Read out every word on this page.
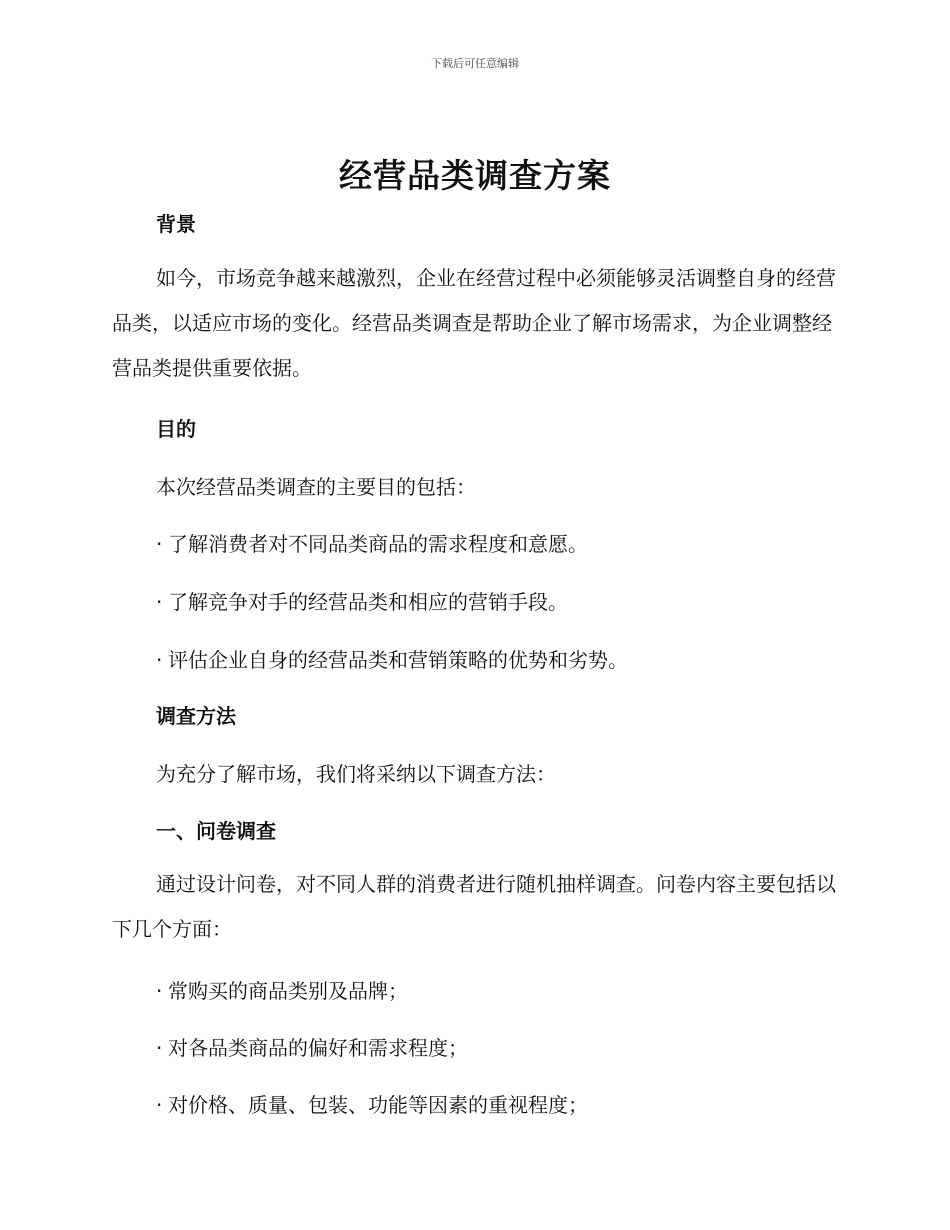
下载后可任意编辑
经营品类调查方案
背景

如今，市场竞争越来越激烈，企业在经营过程中必须能够灵活调整自身的经营品类，以适应市场的变化。经营品类调查是帮助企业了解市场需求，为企业调整经营品类提供重要依据。

目的

本次经营品类调查的主要目的包括：

· 了解消费者对不同品类商品的需求程度和意愿。

· 了解竞争对手的经营品类和相应的营销手段。

· 评估企业自身的经营品类和营销策略的优势和劣势。

调查方法

为充分了解市场，我们将采纳以下调查方法：

一、问卷调查

通过设计问卷，对不同人群的消费者进行随机抽样调查。问卷内容主要包括以下几个方面：

· 常购买的商品类别及品牌；

· 对各品类商品的偏好和需求程度；

· 对价格、质量、包装、功能等因素的重视程度；
